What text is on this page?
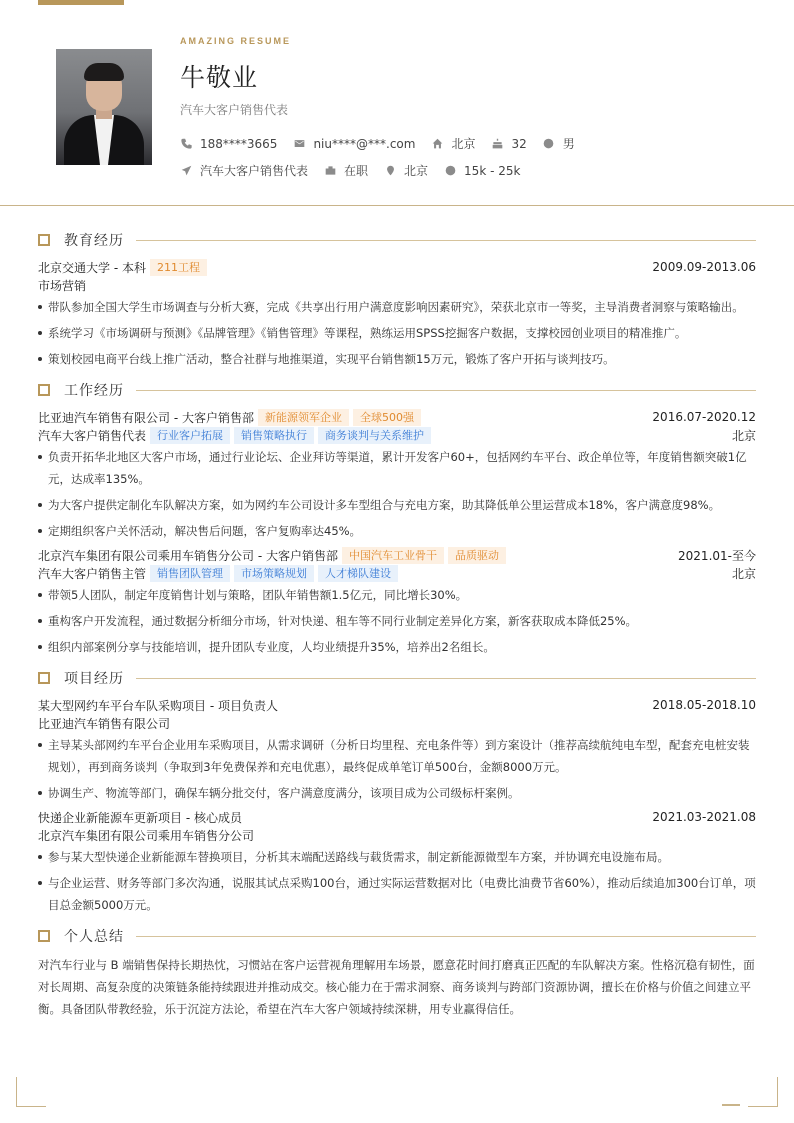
AMAZING RESUME
牛敬业
汽车大客户销售代表
188****3665	niu****@***.com	北京	32	男
汽车大客户销售代表	在职	北京	15k - 25k
教育经历
北京交通大学 - 本科	211工程	2009.09-2013.06
市场营销
带队参加全国大学生市场调查与分析大赛，完成《共享出行用户满意度影响因素研究》，荣获北京市一等奖，主导消费者洞察与策略输出。
系统学习《市场调研与预测》《品牌管理》《销售管理》等课程，熟练运用SPSS挖掘客户数据，支撑校园创业项目的精准推广。
策划校园电商平台线上推广活动，整合社群与地推渠道，实现平台销售额15万元，锻炼了客户开拓与谈判技巧。
工作经历
比亚迪汽车销售有限公司 - 大客户销售部	新能源领军企业	全球500强	2016.07-2020.12
汽车大客户销售代表	行业客户拓展	销售策略执行	商务谈判与关系维护	北京
负责开拓华北地区大客户市场，通过行业论坛、企业拜访等渠道，累计开发客户60+，包括网约车平台、政企单位等，年度销售额突破1亿元，达成率135%。
为大客户提供定制化车队解决方案，如为网约车公司设计多车型组合与充电方案，助其降低单公里运营成本18%，客户满意度98%。
定期组织客户关怀活动，解决售后问题，客户复购率达45%。
北京汽车集团有限公司乘用车销售分公司 - 大客户销售部	中国汽车工业骨干	品质驱动	2021.01-至今
汽车大客户销售主管	销售团队管理	市场策略规划	人才梯队建设	北京
带领5人团队，制定年度销售计划与策略，团队年销售额1.5亿元，同比增长30%。
重构客户开发流程，通过数据分析细分市场，针对快递、租车等不同行业制定差异化方案，新客获取成本降低25%。
组织内部案例分享与技能培训，提升团队专业度，人均业绩提升35%，培养出2名组长。
项目经历
某大型网约车平台车队采购项目 - 项目负责人	2018.05-2018.10
比亚迪汽车销售有限公司
主导某头部网约车平台企业用车采购项目，从需求调研（分析日均里程、充电条件等）到方案设计（推荐高续航纯电车型，配套充电桩安装规划），再到商务谈判（争取到3年免费保养和充电优惠），最终促成单笔订单500台，金额8000万元。
协调生产、物流等部门，确保车辆分批交付，客户满意度满分，该项目成为公司级标杆案例。
快递企业新能源车更新项目 - 核心成员	2021.03-2021.08
北京汽车集团有限公司乘用车销售分公司
参与某大型快递企业新能源车替换项目，分析其末端配送路线与载货需求，制定新能源微型车方案，并协调充电设施布局。
与企业运营、财务等部门多次沟通，说服其试点采购100台，通过实际运营数据对比（电费比油费节省60%），推动后续追加300台订单，项目总金额5000万元。
个人总结

对汽车行业与 B 端销售保持长期热忱，习惯站在客户运营视角理解用车场景，愿意花时间打磨真正匹配的车队解决方案。性格沉稳有韧性，面对长周期、高复杂度的决策链条能持续跟进并推动成交。核心能力在于需求洞察、商务谈判与跨部门资源协调，擅长在价格与价值之间建立平衡。具备团队带教经验，乐于沉淀方法论，希望在汽车大客户领域持续深耕，用专业赢得信任。
